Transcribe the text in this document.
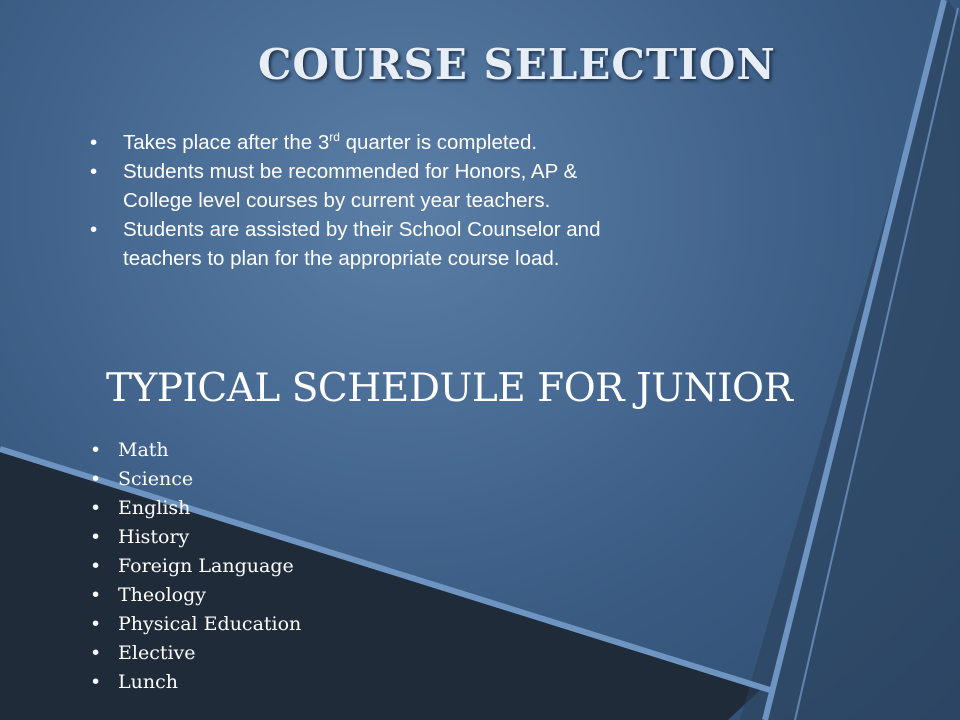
COURSE SELECTION
• Takes place after the 3rd quarter is completed.
• Students must be recommended for Honors, AP & College level courses by current year teachers.
• Students are assisted by their School Counselor and teachers to plan for the appropriate course load.
TYPICAL SCHEDULE FOR JUNIOR
• Math
• Science
• English
• History
• Foreign Language
• Theology
• Physical Education
• Elective
• Lunch
